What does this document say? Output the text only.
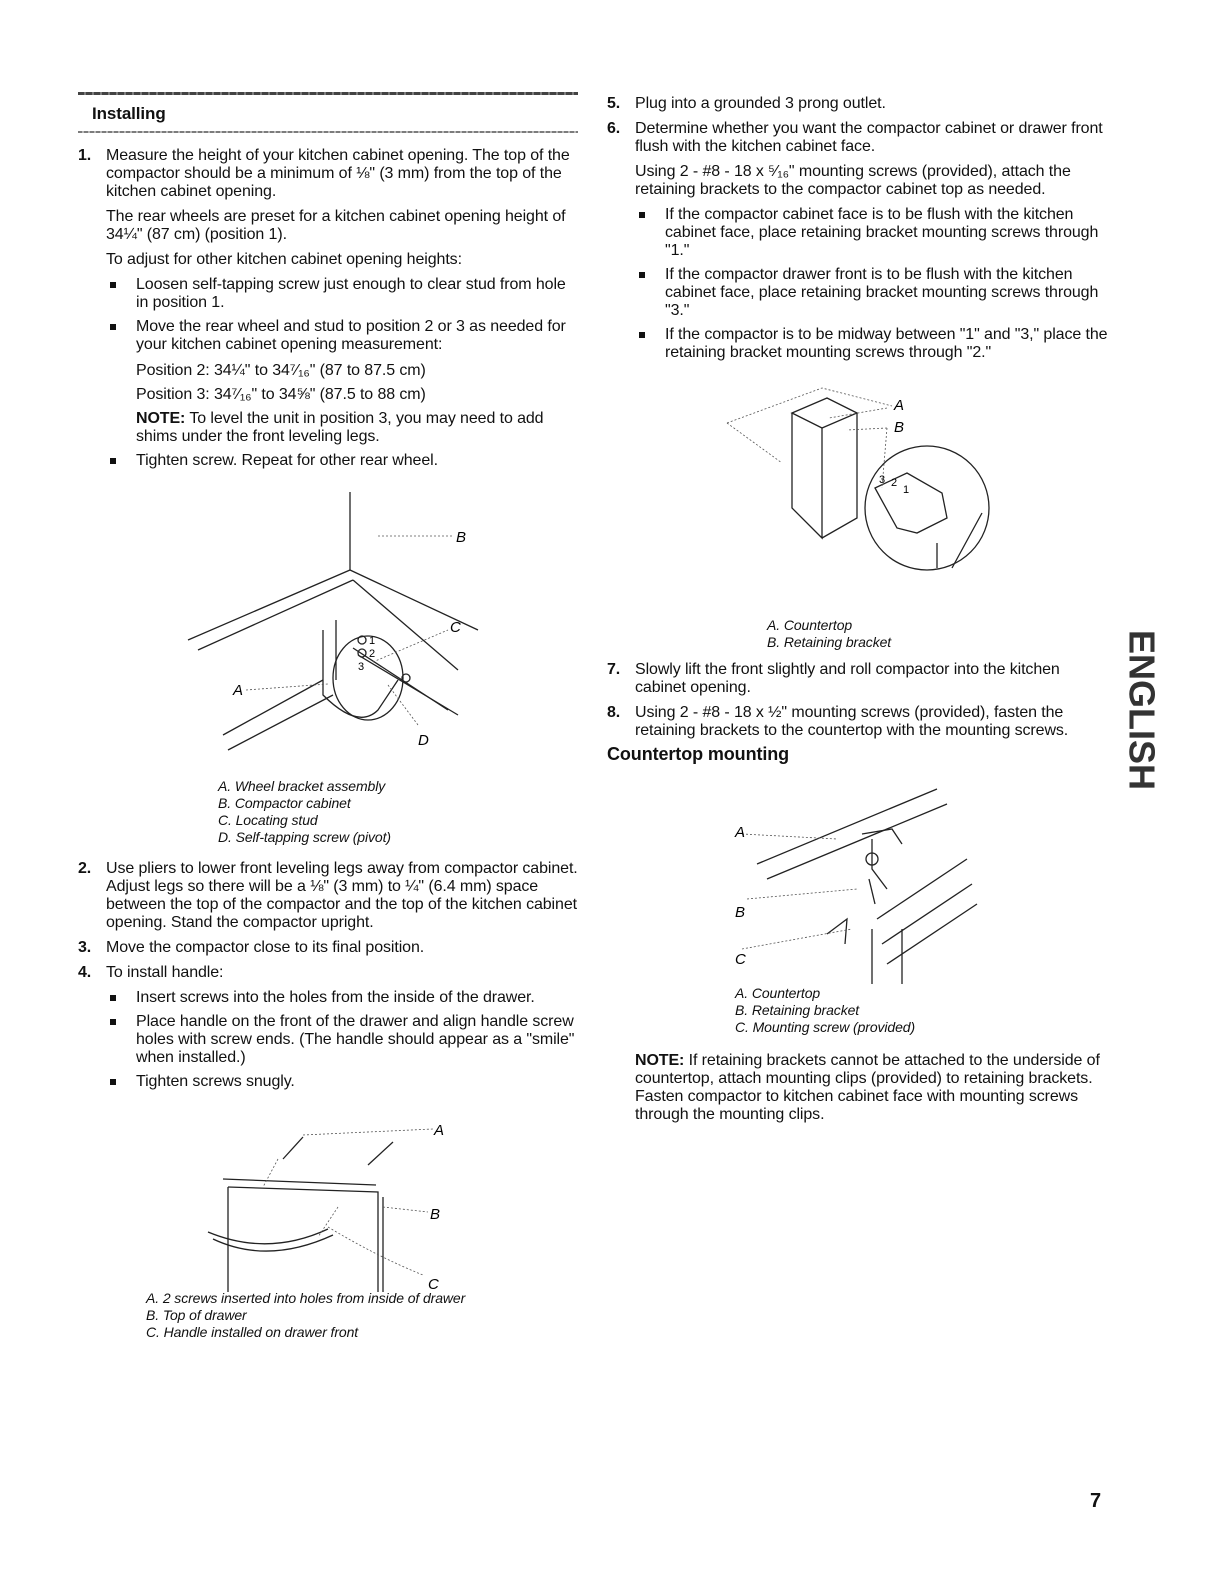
Installing
1. Measure the height of your kitchen cabinet opening. The top of the compactor should be a minimum of ⅛" (3 mm) from the top of the kitchen cabinet opening.

The rear wheels are preset for a kitchen cabinet opening height of 34¼" (87 cm) (position 1).

To adjust for other kitchen cabinet opening heights:

Loosen self-tapping screw just enough to clear stud from hole in position 1.
Move the rear wheel and stud to position 2 or 3 as needed for your kitchen cabinet opening measurement:
Position 2: 34¼" to 34⁷⁄₁₆" (87 to 87.5 cm)
Position 3: 34⁷⁄₁₆" to 34⅝" (87.5 to 88 cm)
NOTE: To level the unit in position 3, you may need to add shims under the front leveling legs.
Tighten screw. Repeat for other rear wheel.
B
C
A
D
1
2
3
A. Wheel bracket assembly
B. Compactor cabinet
C. Locating stud
D. Self-tapping screw (pivot)
2. Use pliers to lower front leveling legs away from compactor cabinet. Adjust legs so there will be a ⅛" (3 mm) to ¼" (6.4 mm) space between the top of the compactor and the top of the kitchen cabinet opening. Stand the compactor upright.

3. Move the compactor close to its final position.

4. To install handle:

Insert screws into the holes from the inside of the drawer.
Place handle on the front of the drawer and align handle screw holes with screw ends. (The handle should appear as a "smile" when installed.)
Tighten screws snugly.
A
B
C
A. 2 screws inserted into holes from inside of drawer
B. Top of drawer
C. Handle installed on drawer front
5. Plug into a grounded 3 prong outlet.

6. Determine whether you want the compactor cabinet or drawer front flush with the kitchen cabinet face.

Using 2 - #8 - 18 x ⁵⁄₁₆" mounting screws (provided), attach the retaining brackets to the compactor cabinet top as needed.

If the compactor cabinet face is to be flush with the kitchen cabinet face, place retaining bracket mounting screws through "1."
If the compactor drawer front is to be flush with the kitchen cabinet face, place retaining bracket mounting screws through "3."
If the compactor is to be midway between "1" and "3," place the retaining bracket mounting screws through "2."
A
B
3 2
1
A. Countertop
B. Retaining bracket
7. Slowly lift the front slightly and roll compactor into the kitchen cabinet opening.

8. Using 2 - #8 - 18 x ½" mounting screws (provided), fasten the retaining brackets to the countertop with the mounting screws.

Countertop mounting
A
B
C
A. Countertop
B. Retaining bracket
C. Mounting screw (provided)

NOTE: If retaining brackets cannot be attached to the underside of countertop, attach mounting clips (provided) to retaining brackets. Fasten compactor to kitchen cabinet face with mounting screws through the mounting clips.

ENGLISH
7
